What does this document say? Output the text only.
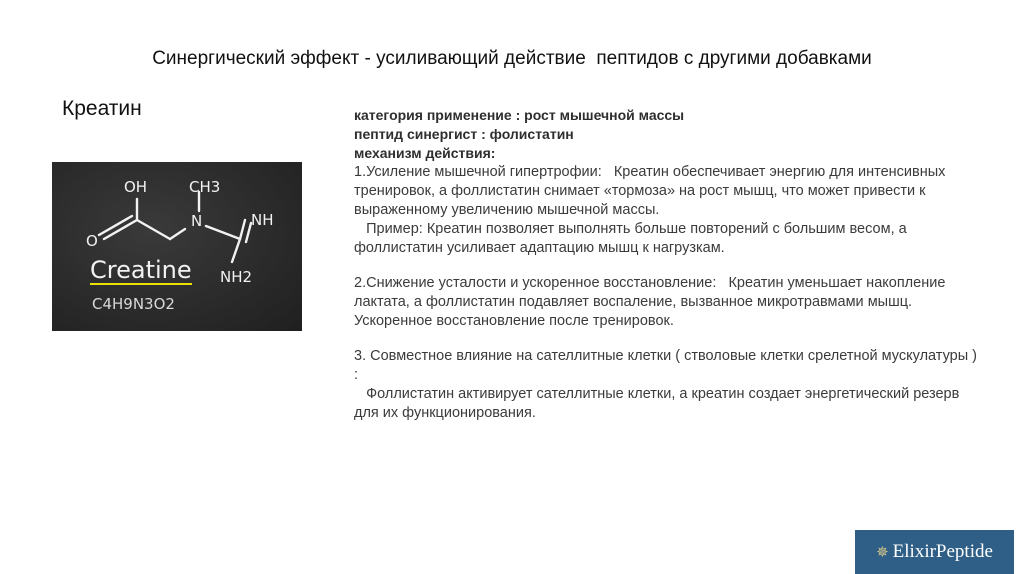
Синергический эффект - усиливающий действие  пептидов с другими добавками
Креатин
OH	CH3
N	NH
NH2
O
Creatine
C4H9N3O2
категория применение : рост мышечной массы
пептид синергист : фолистатин
механизм действия:
1.Усиление мышечной гипертрофии:   Креатин обеспечивает энергию для интенсивных тренировок, а фоллистатин снимает «тормоза» на рост мышц, что может привести к выраженному увеличению мышечной массы.
Пример: Креатин позволяет выполнять больше повторений с большим весом, а фоллистатин усиливает адаптацию мышц к нагрузкам.
2.Снижение усталости и ускоренное восстановление:   Креатин уменьшает накопление лактата, а фоллистатин подавляет воспаление, вызванное микротравмами мышц.  Ускоренное восстановление после тренировок.
3. Совместное влияние на сателлитные клетки ( стволовые клетки срелетной мускулатуры ) :
Фоллистатин активирует сателлитные клетки, а креатин создает энергетический резерв для их функционирования.
✵ ElixirPeptide
